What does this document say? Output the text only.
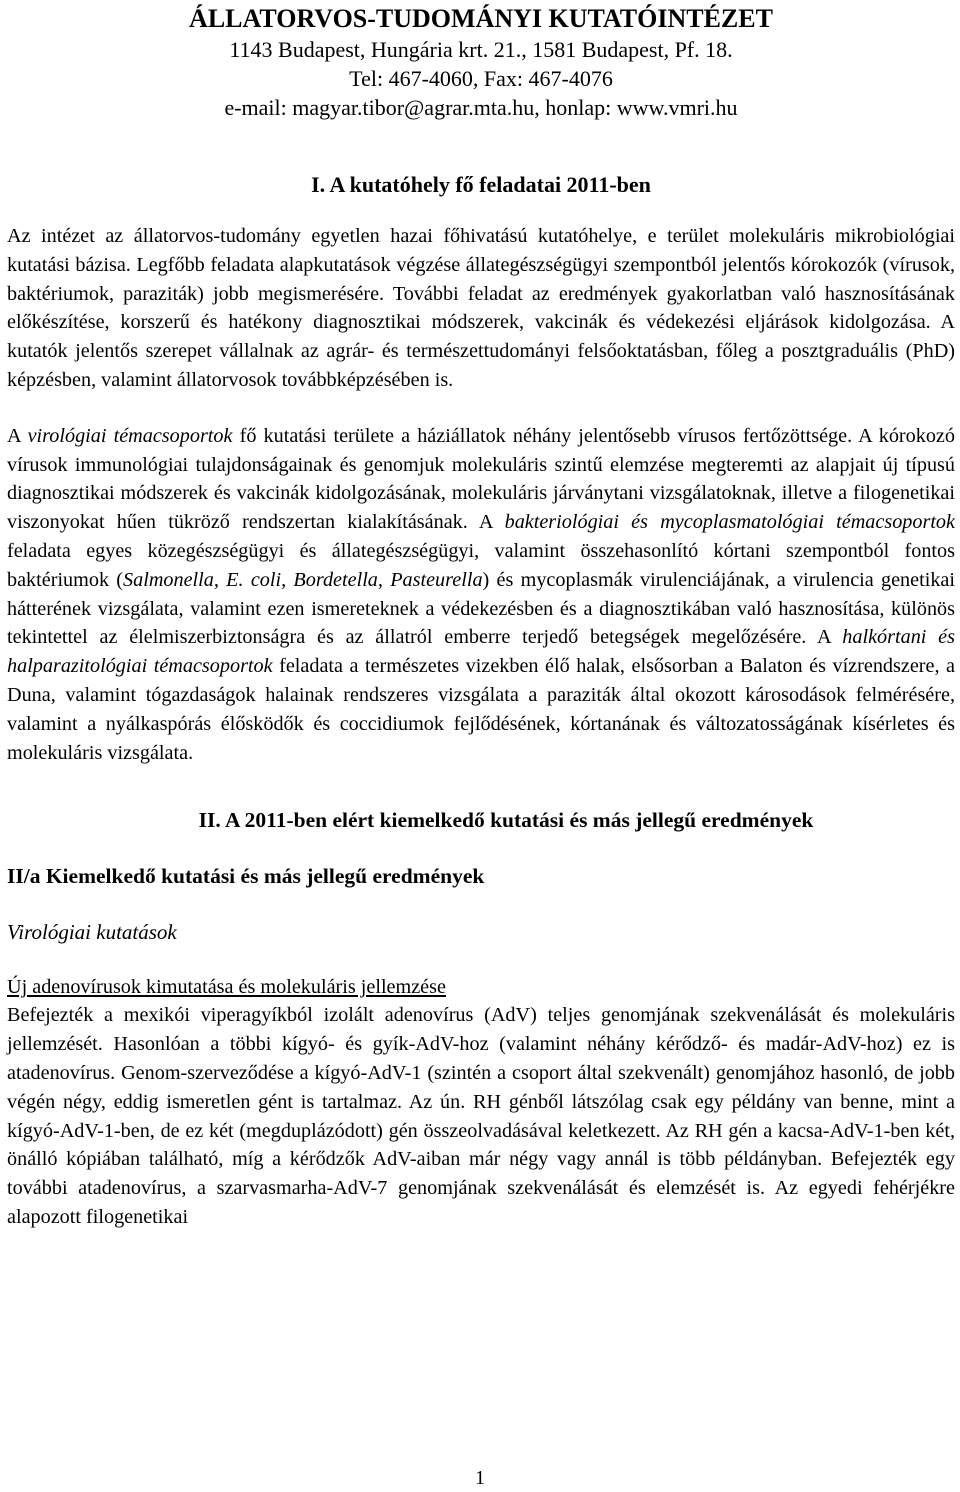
ÁLLATORVOS-TUDOMÁNYI KUTATÓINTÉZET
1143 Budapest, Hungária krt. 21., 1581 Budapest, Pf. 18.
Tel: 467-4060, Fax: 467-4076
e-mail: magyar.tibor@agrar.mta.hu, honlap: www.vmri.hu
I. A kutatóhely fő feladatai 2011-ben

Az intézet az állatorvos-tudomány egyetlen hazai főhivatású kutatóhelye, e terület molekuláris mikrobiológiai kutatási bázisa. Legfőbb feladata alapkutatások végzése állategészségügyi szempontból jelentős kórokozók (vírusok, baktériumok, paraziták) jobb megismerésére. További feladat az eredmények gyakorlatban való hasznosításának előkészítése, korszerű és hatékony diagnosztikai módszerek, vakcinák és védekezési eljárások kidolgozása. A kutatók jelentős szerepet vállalnak az agrár- és természettudományi felsőoktatásban, főleg a posztgraduális (PhD) képzésben, valamint állatorvosok továbbképzésében is.

A virológiai témacsoportok fő kutatási területe a háziállatok néhány jelentősebb vírusos fertőzöttsége. A kórokozó vírusok immunológiai tulajdonságainak és genomjuk molekuláris szintű elemzése megteremti az alapjait új típusú diagnosztikai módszerek és vakcinák kidolgozásának, molekuláris járványtani vizsgálatoknak, illetve a filogenetikai viszonyokat hűen tükröző rendszertan kialakításának. A bakteriológiai és mycoplasmatológiai témacsoportok feladata egyes közegészségügyi és állategészségügyi, valamint összehasonlító kórtani szempontból fontos baktériumok (Salmonella, E. coli, Bordetella, Pasteurella) és mycoplasmák virulenciájának, a virulencia genetikai hátterének vizsgálata, valamint ezen ismereteknek a védekezésben és a diagnosztikában való hasznosítása, különös tekintettel az élelmiszerbiztonságra és az állatról emberre terjedő betegségek megelőzésére. A halkórtani és halparazitológiai témacsoportok feladata a természetes vizekben élő halak, elsősorban a Balaton és vízrendszere, a Duna, valamint tógazdaságok halainak rendszeres vizsgálata a paraziták által okozott károsodások felmérésére, valamint a nyálkaspórás élősködők és coccidiumok fejlődésének, kórtanának és változatosságának kísérletes és molekuláris vizsgálata.

II. A 2011-ben elért kiemelkedő kutatási és más jellegű eredmények
II/a Kiemelkedő kutatási és más jellegű eredmények
Virológiai kutatások
Új adenovírusok kimutatása és molekuláris jellemzése

Befejezték a mexikói viperagyíkból izolált adenovírus (AdV) teljes genomjának szekvenálását és molekuláris jellemzését. Hasonlóan a többi kígyó- és gyík-AdV-hoz (valamint néhány kérődző- és madár-AdV-hoz) ez is atadenovírus. Genom-szerveződése a kígyó-AdV-1 (szintén a csoport által szekvenált) genomjához hasonló, de jobb végén négy, eddig ismeretlen gént is tartalmaz. Az ún. RH génből látszólag csak egy példány van benne, mint a kígyó-AdV-1-ben, de ez két (megduplázódott) gén összeolvadásával keletkezett. Az RH gén a kacsa-AdV-1-ben két, önálló kópiában található, míg a kérődzők AdV-aiban már négy vagy annál is több példányban. Befejezték egy további atadenovírus, a szarvasmarha-AdV-7 genomjának szekvenálását és elemzését is. Az egyedi fehérjékre alapozott filogenetikai

1
